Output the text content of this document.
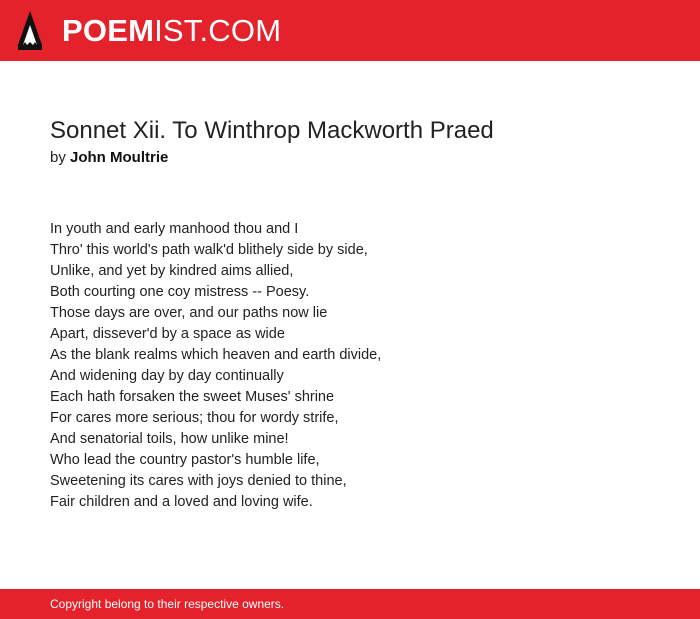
POEMIST.COM
Sonnet Xii. To Winthrop Mackworth Praed
by John Moultrie
In youth and early manhood thou and I
Thro' this world's path walk'd blithely side by side,
Unlike, and yet by kindred aims allied,
Both courting one coy mistress -- Poesy.
Those days are over, and our paths now lie
Apart, dissever'd by a space as wide
As the blank realms which heaven and earth divide,
And widening day by day continually
Each hath forsaken the sweet Muses' shrine
For cares more serious; thou for wordy strife,
And senatorial toils, how unlike mine!
Who lead the country pastor's humble life,
Sweetening its cares with joys denied to thine,
Fair children and a loved and loving wife.
Copyright belong to their respective owners.
